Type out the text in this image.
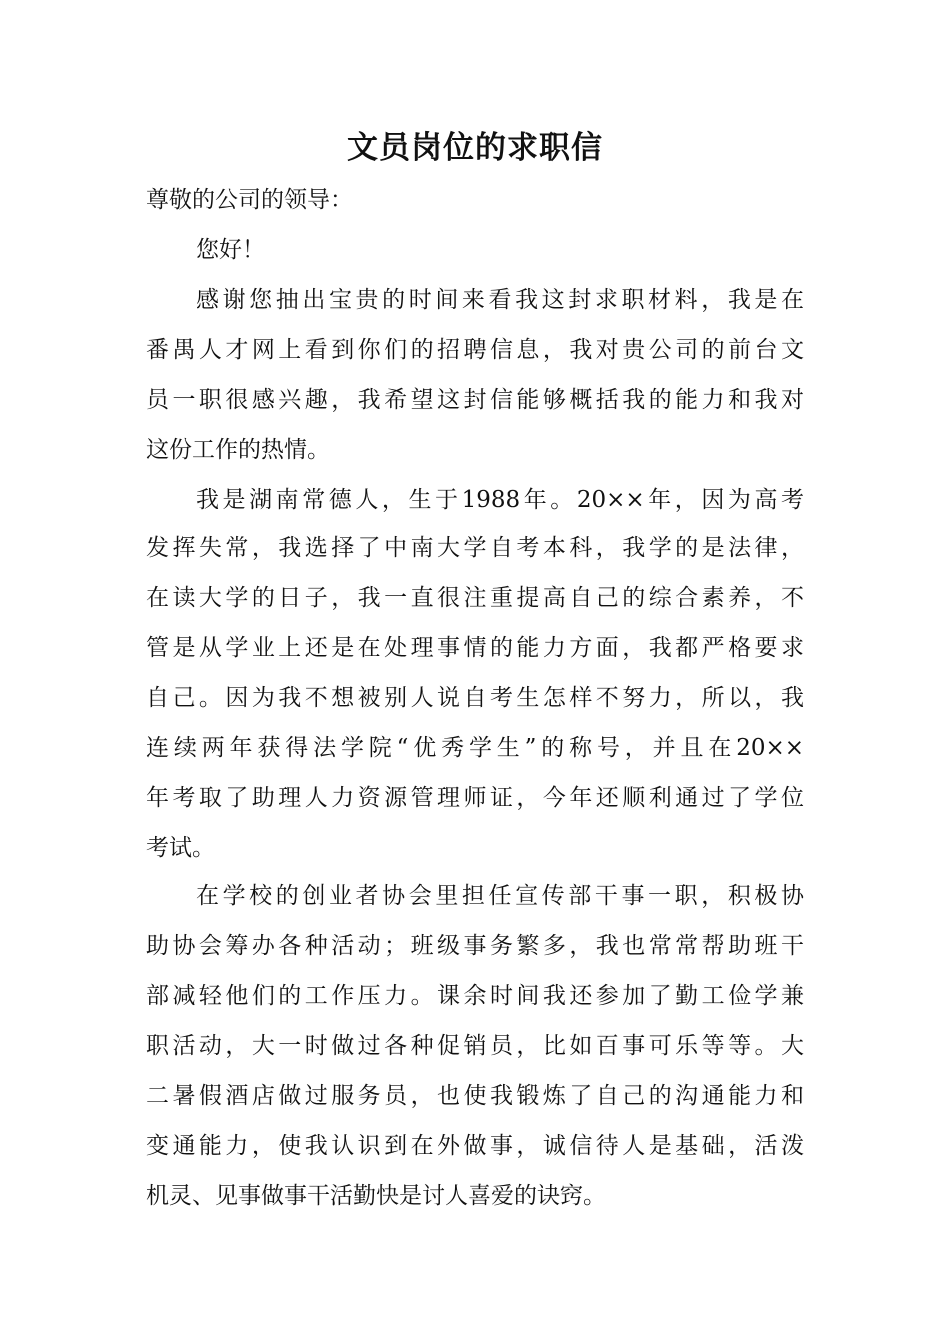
文员岗位的求职信
尊敬的公司的领导：
您好！
感谢您抽出宝贵的时间来看我这封求职材料，我是在
番禺人才网上看到你们的招聘信息，我对贵公司的前台文
员一职很感兴趣，我希望这封信能够概括我的能力和我对
这份工作的热情。
我是湖南常德人，生于1988年。20××年，因为高考
发挥失常，我选择了中南大学自考本科，我学的是法律，
在读大学的日子，我一直很注重提高自己的综合素养，不
管是从学业上还是在处理事情的能力方面，我都严格要求
自己。因为我不想被别人说自考生怎样不努力，所以，我
连续两年获得法学院“优秀学生”的称号，并且在20××
年考取了助理人力资源管理师证，今年还顺利通过了学位
考试。
在学校的创业者协会里担任宣传部干事一职，积极协
助协会筹办各种活动；班级事务繁多，我也常常帮助班干
部减轻他们的工作压力。课余时间我还参加了勤工俭学兼
职活动，大一时做过各种促销员，比如百事可乐等等。大
二暑假酒店做过服务员，也使我锻炼了自己的沟通能力和
变通能力，使我认识到在外做事，诚信待人是基础，活泼
机灵、见事做事干活勤快是讨人喜爱的诀窍。
